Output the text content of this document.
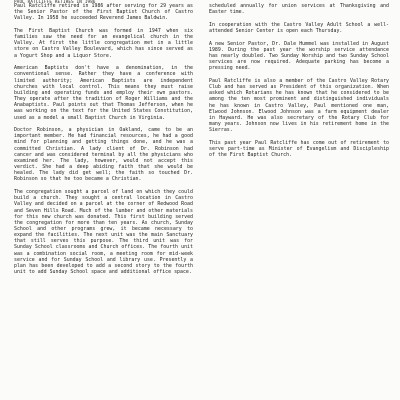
PAUL RATCLIFFE RETIRES IN 1986

Paul Ratcliffe retired in 1986 after serving for 29 years as the Senior Pastor of the First Baptist Church of Castro Valley. In 1958 he succeeded Reverend James Baldwin.

The First Baptist Church was formed in 1947 when six families saw the need for an evangelical church in the Valley. At first the little congregation met in a little store on Castro Valley Boulevard, which has since served as a Yogurt Shop and a Liquor Store.

American Baptists don't have a denomination, in the conventional sense. Rather they have a conference with limited authority; American Baptists are independent churches with local control. This means they must raise building and operating funds and employ their own pastors. They operate after the tradition of Roger Williams and the Anabaptists. Paul points out that Thomas Jefferson, when he was working on the text for the United States Constitution, used as a model a small Baptist Church in Virginia.

Doctor Robinson, a physician in Oakland, came to be an important member. He had financial resources, he had a good mind for planning and getting things done, and he was a committed Christian. A lady client of Dr. Robinson had cancer and was considered terminal by all the physicians who examined her. The lady, however, would not accept this verdict. She had a deep abiding faith that she would be healed. The lady did get well; the faith so touched Dr. Robinson so that he too became a Christian.

The congregation sought a parcel of land on which they could build a church. They sought a central location in Castro Valley and decided on a parcel at the corner of Redwood Road and Seven Hills Road. Much of the lumber and other materials for this new church was donated. This first building served the congregation for more than ten years. As church, Sunday School and other programs grew, it became necessary to expand the facilities. The next unit was the main Sanctuary that still serves this purpose. The third unit was for Sunday School classrooms and Church offices. The fourth unit was a combination social room, a meeting room for mid-week service and for Sunday School and library use. Presently a plan has been developed to add a second story to the fourth unit to add Sunday School space and additional office space.

scheduled annually for union services at Thanksgiving and Easter time.

In cooperation with the Castro Valley Adult School a well-attended Senior Center is open each Thursday.

A new Senior Pastor, Dr. Dale Hummel was installed in August 1989. During the past year the worship service attendance has nearly doubled. Two Sunday Worship and two Sunday School services are now required. Adequate parking has become a pressing need.

Paul Ratcliffe is also a member of the Castro Valley Rotary Club and has served as President of this organization. When asked which Rotarians he has known that he considered to be among the ten most prominent and distinguished individuals he has known in Castro Valley, Paul mentioned one man, Elwood Johnson. Elwood Johnson was a farm equipment dealer in Hayward. He was also secretary of the Rotary Club for many years. Johnson now lives in his retirement home in the Sierras.

This past year Paul Ratcliffe has come out of retirement to serve part-time as Minister of Evangelism and Discipleship of the First Baptist Church.
